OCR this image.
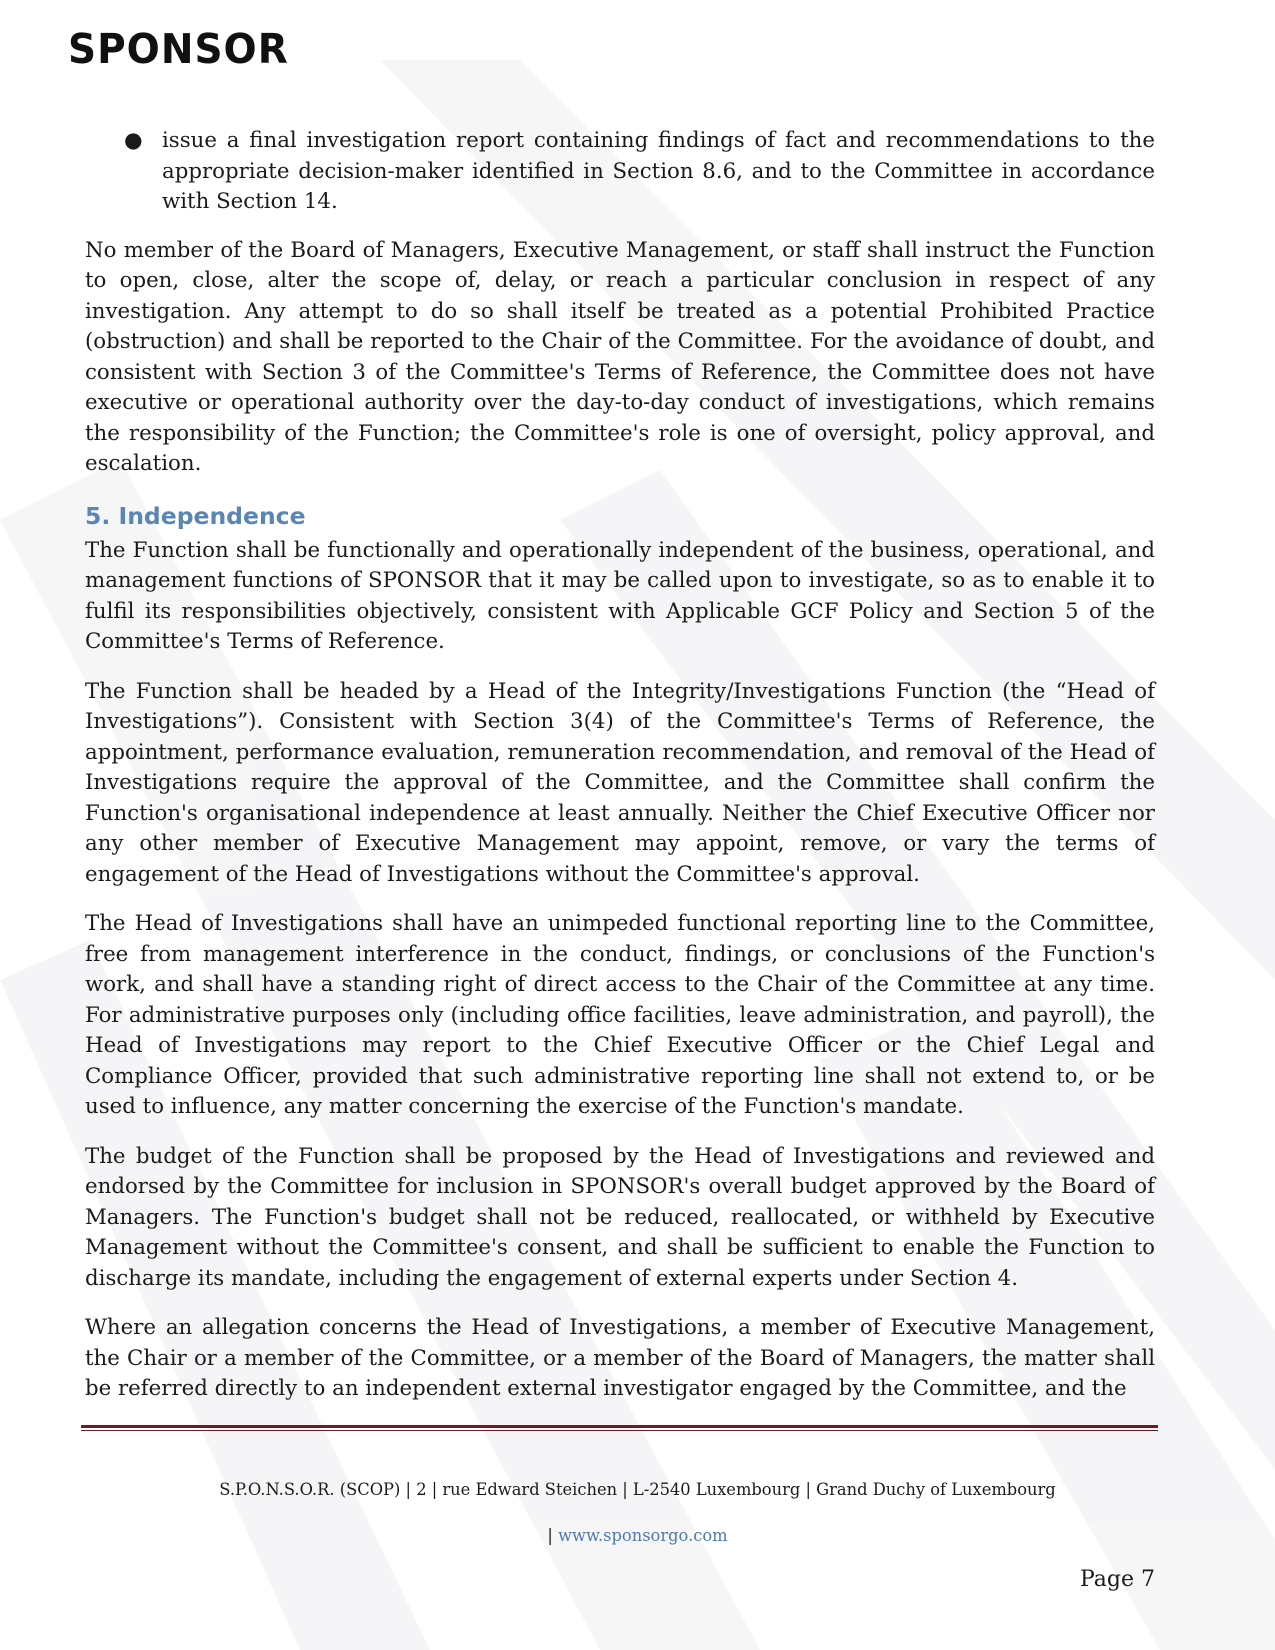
SPONSOR
● issue a final investigation report containing findings of fact and recommendations to the appropriate decision-maker identified in Section 8.6, and to the Committee in accordance with Section 14.

No member of the Board of Managers, Executive Management, or staff shall instruct the Function to open, close, alter the scope of, delay, or reach a particular conclusion in respect of any investigation. Any attempt to do so shall itself be treated as a potential Prohibited Practice (obstruction) and shall be reported to the Chair of the Committee. For the avoidance of doubt, and consistent with Section 3 of the Committee's Terms of Reference, the Committee does not have executive or operational authority over the day-to-day conduct of investigations, which remains the responsibility of the Function; the Committee's role is one of oversight, policy approval, and escalation.

5. Independence

The Function shall be functionally and operationally independent of the business, operational, and management functions of SPONSOR that it may be called upon to investigate, so as to enable it to fulfil its responsibilities objectively, consistent with Applicable GCF Policy and Section 5 of the Committee's Terms of Reference.

The Function shall be headed by a Head of the Integrity/Investigations Function (the “Head of Investigations”). Consistent with Section 3(4) of the Committee's Terms of Reference, the appointment, performance evaluation, remuneration recommendation, and removal of the Head of Investigations require the approval of the Committee, and the Committee shall confirm the Function's organisational independence at least annually. Neither the Chief Executive Officer nor any other member of Executive Management may appoint, remove, or vary the terms of engagement of the Head of Investigations without the Committee's approval.

The Head of Investigations shall have an unimpeded functional reporting line to the Committee, free from management interference in the conduct, findings, or conclusions of the Function's work, and shall have a standing right of direct access to the Chair of the Committee at any time. For administrative purposes only (including office facilities, leave administration, and payroll), the Head of Investigations may report to the Chief Executive Officer or the Chief Legal and Compliance Officer, provided that such administrative reporting line shall not extend to, or be used to influence, any matter concerning the exercise of the Function's mandate.

The budget of the Function shall be proposed by the Head of Investigations and reviewed and endorsed by the Committee for inclusion in SPONSOR's overall budget approved by the Board of Managers. The Function's budget shall not be reduced, reallocated, or withheld by Executive Management without the Committee's consent, and shall be sufficient to enable the Function to discharge its mandate, including the engagement of external experts under Section 4.

Where an allegation concerns the Head of Investigations, a member of Executive Management, the Chair or a member of the Committee, or a member of the Board of Managers, the matter shall be referred directly to an independent external investigator engaged by the Committee, and the

S.P.O.N.S.O.R. (SCOP) | 2 | rue Edward Steichen | L-2540 Luxembourg | Grand Duchy of Luxembourg
| www.sponsorgo.com
Page 7
